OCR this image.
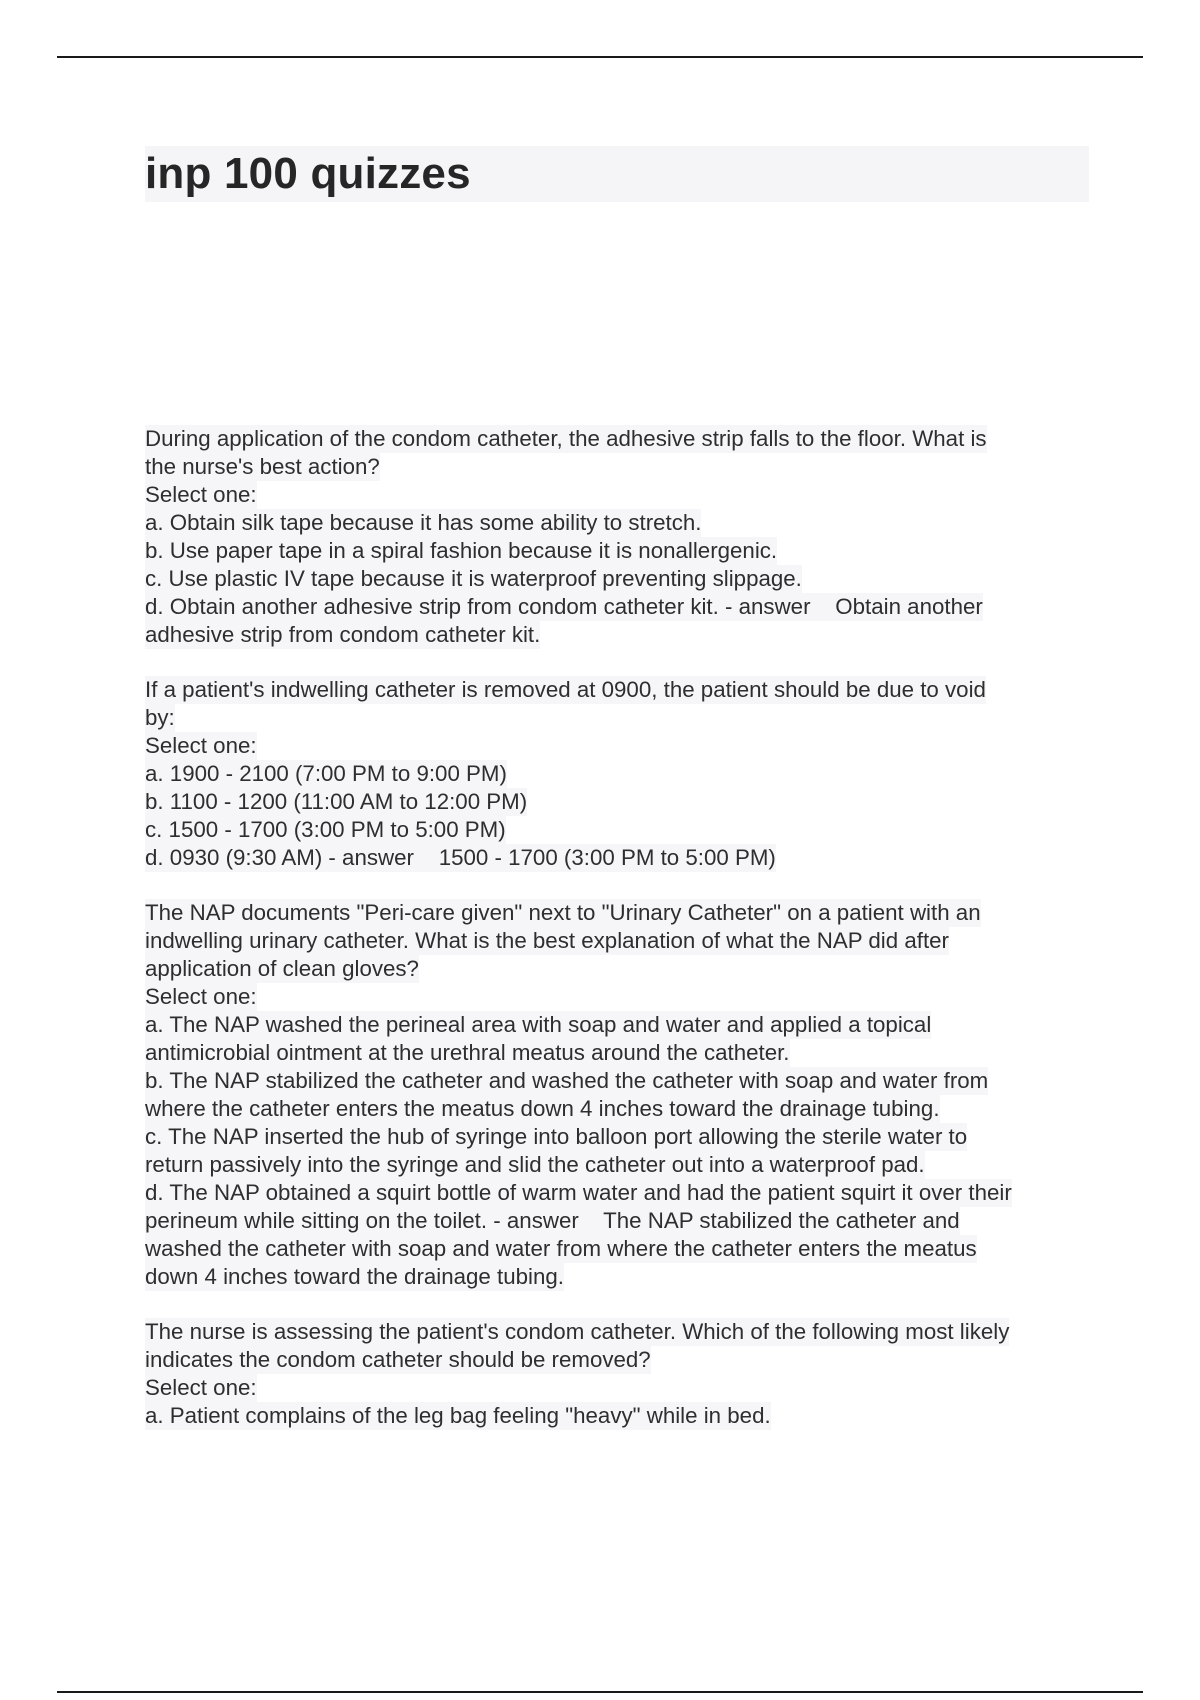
inp 100 quizzes
During application of the condom catheter, the adhesive strip falls to the floor. What is
the nurse's best action?
Select one:
a. Obtain silk tape because it has some ability to stretch.
b. Use paper tape in a spiral fashion because it is nonallergenic.
c. Use plastic IV tape because it is waterproof preventing slippage.
d. Obtain another adhesive strip from condom catheter kit. - answer    Obtain another
adhesive strip from condom catheter kit.
If a patient's indwelling catheter is removed at 0900, the patient should be due to void
by:
Select one:
a. 1900 - 2100 (7:00 PM to 9:00 PM)
b. 1100 - 1200 (11:00 AM to 12:00 PM)
c. 1500 - 1700 (3:00 PM to 5:00 PM)
d. 0930 (9:30 AM) - answer    1500 - 1700 (3:00 PM to 5:00 PM)
The NAP documents "Peri-care given" next to "Urinary Catheter" on a patient with an
indwelling urinary catheter. What is the best explanation of what the NAP did after
application of clean gloves?
Select one:
a. The NAP washed the perineal area with soap and water and applied a topical
antimicrobial ointment at the urethral meatus around the catheter.
b. The NAP stabilized the catheter and washed the catheter with soap and water from
where the catheter enters the meatus down 4 inches toward the drainage tubing.
c. The NAP inserted the hub of syringe into balloon port allowing the sterile water to
return passively into the syringe and slid the catheter out into a waterproof pad.
d. The NAP obtained a squirt bottle of warm water and had the patient squirt it over their
perineum while sitting on the toilet. - answer    The NAP stabilized the catheter and
washed the catheter with soap and water from where the catheter enters the meatus
down 4 inches toward the drainage tubing.
The nurse is assessing the patient's condom catheter. Which of the following most likely
indicates the condom catheter should be removed?
Select one:
a. Patient complains of the leg bag feeling "heavy" while in bed.
